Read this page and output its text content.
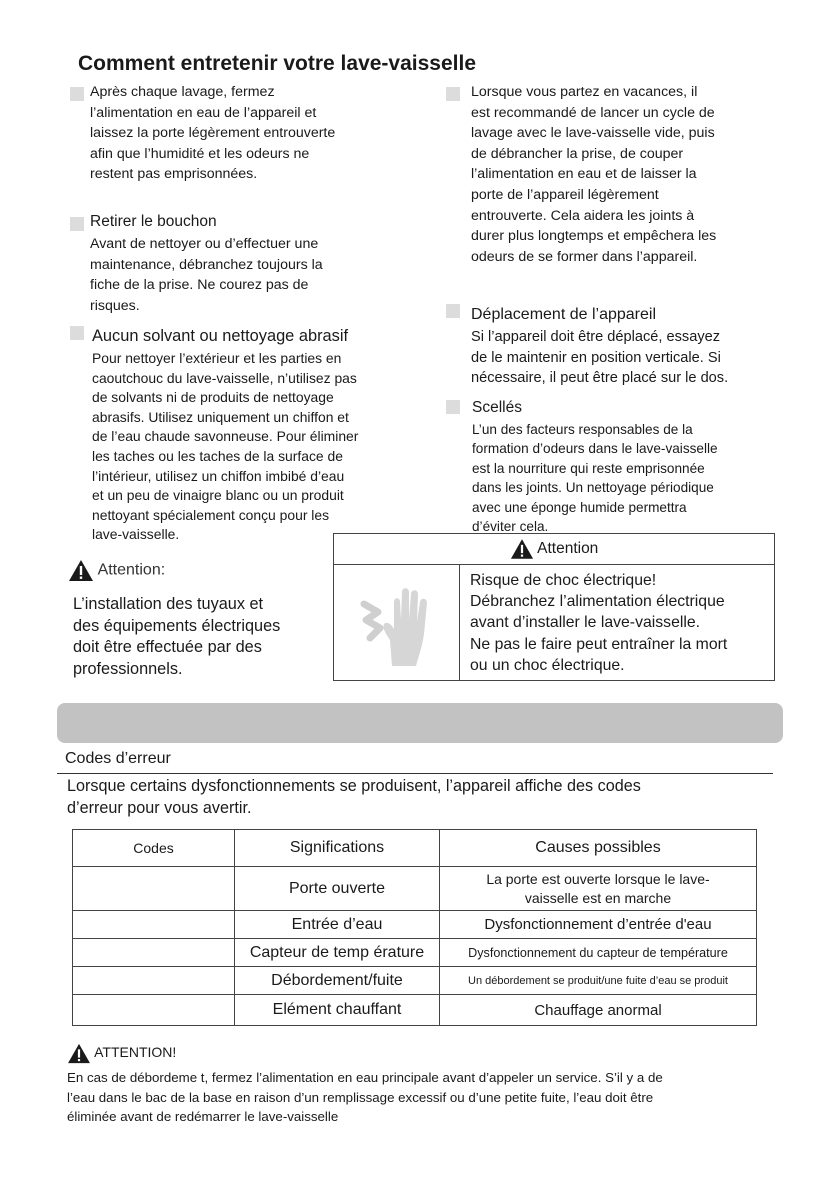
Comment entretenir votre lave-vaisselle
Après chaque lavage, fermez
l’alimentation en eau de l’appareil et
laissez la porte légèrement entrouverte
afin que l’humidité et les odeurs ne
restent pas emprisonnées.
Retirer le bouchon
Avant de nettoyer ou d’effectuer une
maintenance, débranchez toujours la
fiche de la prise. Ne courez pas de
risques.
Aucun solvant ou nettoyage abrasif
Pour nettoyer l’extérieur et les parties en
caoutchouc du lave-vaisselle, n’utilisez pas
de solvants ni de produits de nettoyage
abrasifs. Utilisez uniquement un chiffon et
de l’eau chaude savonneuse. Pour éliminer
les taches ou les taches de la surface de
l’intérieur, utilisez un chiffon imbibé d’eau
et un peu de vinaigre blanc ou un produit
nettoyant spécialement conçu pour les
lave-vaisselle.
Attention:
L’installation des tuyaux et
des équipements électriques
doit être effectuée par des
professionnels.
Lorsque vous partez en vacances, il
est recommandé de lancer un cycle de
lavage avec le lave-vaisselle vide, puis
de débrancher la prise, de couper
l’alimentation en eau et de laisser la
porte de l’appareil légèrement
entrouverte. Cela aidera les joints à
durer plus longtemps et empêchera les
odeurs de se former dans l’appareil.
Déplacement de l’appareil
Si l’appareil doit être déplacé, essayez
de le maintenir en position verticale. Si
nécessaire, il peut être placé sur le dos.
Scellés
L’un des facteurs responsables de la
formation d’odeurs dans le lave-vaisselle
est la nourriture qui reste emprisonnée
dans les joints. Un nettoyage périodique
avec une éponge humide permettra
d’éviter cela.
Attention
Risque de choc électrique!
Débranchez l’alimentation électrique
avant d’installer le lave-vaisselle.
Ne pas le faire peut entraîner la mort
ou un choc électrique.
Codes d’erreur
Lorsque certains dysfonctionnements se produisent, l’appareil affiche des codes
d’erreur pour vous avertir.
Codes	Significations	Causes possibles
	Porte ouverte	La porte est ouverte lorsque le lave-
vaisselle est en marche
	Entrée d’eau	Dysfonctionnement d’entrée d'eau
	Capteur de temp érature	Dysfonctionnement du capteur de température
	Débordement/fuite	Un débordement se produit/une fuite d’eau se produit
	Elément chauffant	Chauffage anormal
ATTENTION!
En cas de débordeme t, fermez l’alimentation en eau principale avant d’appeler un service. S’il y a de
l’eau dans le bac de la base en raison d’un remplissage excessif ou d’une petite fuite, l’eau doit être
éliminée avant de redémarrer le lave-vaisselle
